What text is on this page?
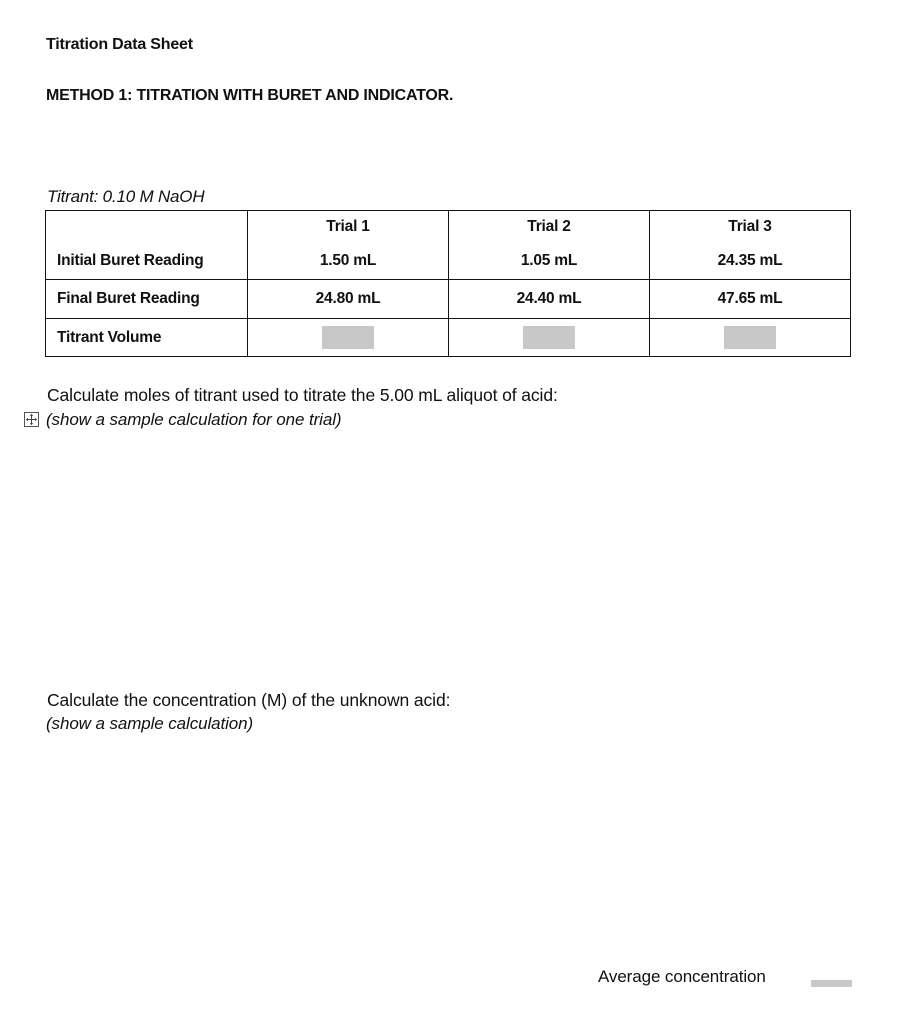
Titration Data Sheet
METHOD 1: TITRATION WITH BURET AND INDICATOR.
Titrant: 0.10 M NaOH
	Trial 1	Trial 2	Trial 3
Initial Buret Reading	1.50 mL	1.05 mL	24.35 mL
Final Buret Reading	24.80 mL	24.40 mL	47.65 mL
Titrant Volume			
Calculate moles of titrant used to titrate the 5.00 mL aliquot of acid:
(show a sample calculation for one trial)
Calculate the concentration (M) of the unknown acid:
(show a sample calculation)
Average concentration
